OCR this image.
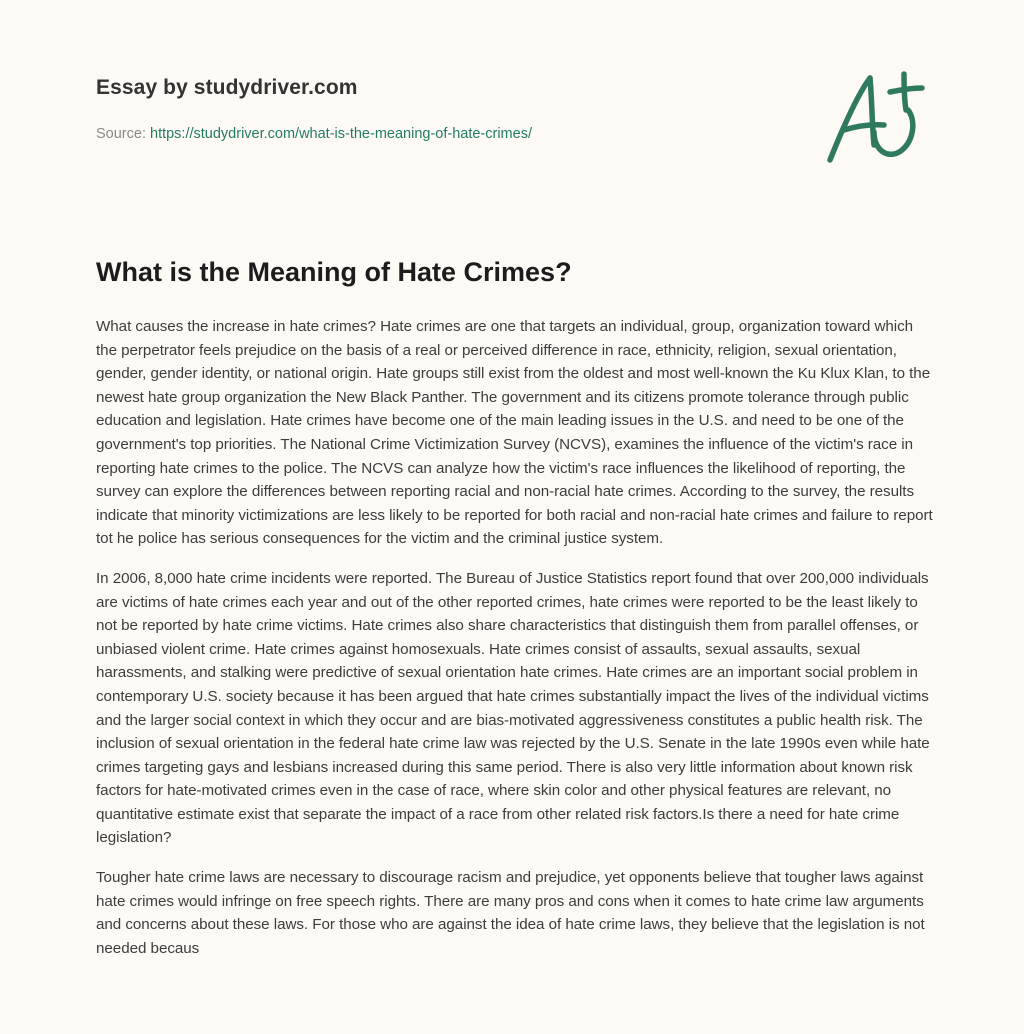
Essay by studydriver.com
Source: https://studydriver.com/what-is-the-meaning-of-hate-crimes/
What is the Meaning of Hate Crimes?

What causes the increase in hate crimes? Hate crimes are one that targets an individual, group, organization toward which the perpetrator feels prejudice on the basis of a real or perceived difference in race, ethnicity, religion, sexual orientation, gender, gender identity, or national origin. Hate groups still exist from the oldest and most well-known the Ku Klux Klan, to the newest hate group organization the New Black Panther. The government and its citizens promote tolerance through public education and legislation. Hate crimes have become one of the main leading issues in the U.S. and need to be one of the government's top priorities. The National Crime Victimization Survey (NCVS), examines the influence of the victim's race in reporting hate crimes to the police. The NCVS can analyze how the victim's race influences the likelihood of reporting, the survey can explore the differences between reporting racial and non-racial hate crimes. According to the survey, the results indicate that minority victimizations are less likely to be reported for both racial and non-racial hate crimes and failure to report tot he police has serious consequences for the victim and the criminal justice system.

In 2006, 8,000 hate crime incidents were reported. The Bureau of Justice Statistics report found that over 200,000 individuals are victims of hate crimes each year and out of the other reported crimes, hate crimes were reported to be the least likely to not be reported by hate crime victims. Hate crimes also share characteristics that distinguish them from parallel offenses, or unbiased violent crime. Hate crimes against homosexuals. Hate crimes consist of assaults, sexual assaults, sexual harassments, and stalking were predictive of sexual orientation hate crimes. Hate crimes are an important social problem in contemporary U.S. society because it has been argued that hate crimes substantially impact the lives of the individual victims and the larger social context in which they occur and are bias-motivated aggressiveness constitutes a public health risk. The inclusion of sexual orientation in the federal hate crime law was rejected by the U.S. Senate in the late 1990s even while hate crimes targeting gays and lesbians increased during this same period. There is also very little information about known risk factors for hate-motivated crimes even in the case of race, where skin color and other physical features are relevant, no quantitative estimate exist that separate the impact of a race from other related risk factors.Is there a need for hate crime legislation?

Tougher hate crime laws are necessary to discourage racism and prejudice, yet opponents believe that tougher laws against hate crimes would infringe on free speech rights. There are many pros and cons when it comes to hate crime law arguments and concerns about these laws. For those who are against the idea of hate crime laws, they believe that the legislation is not needed becaus
